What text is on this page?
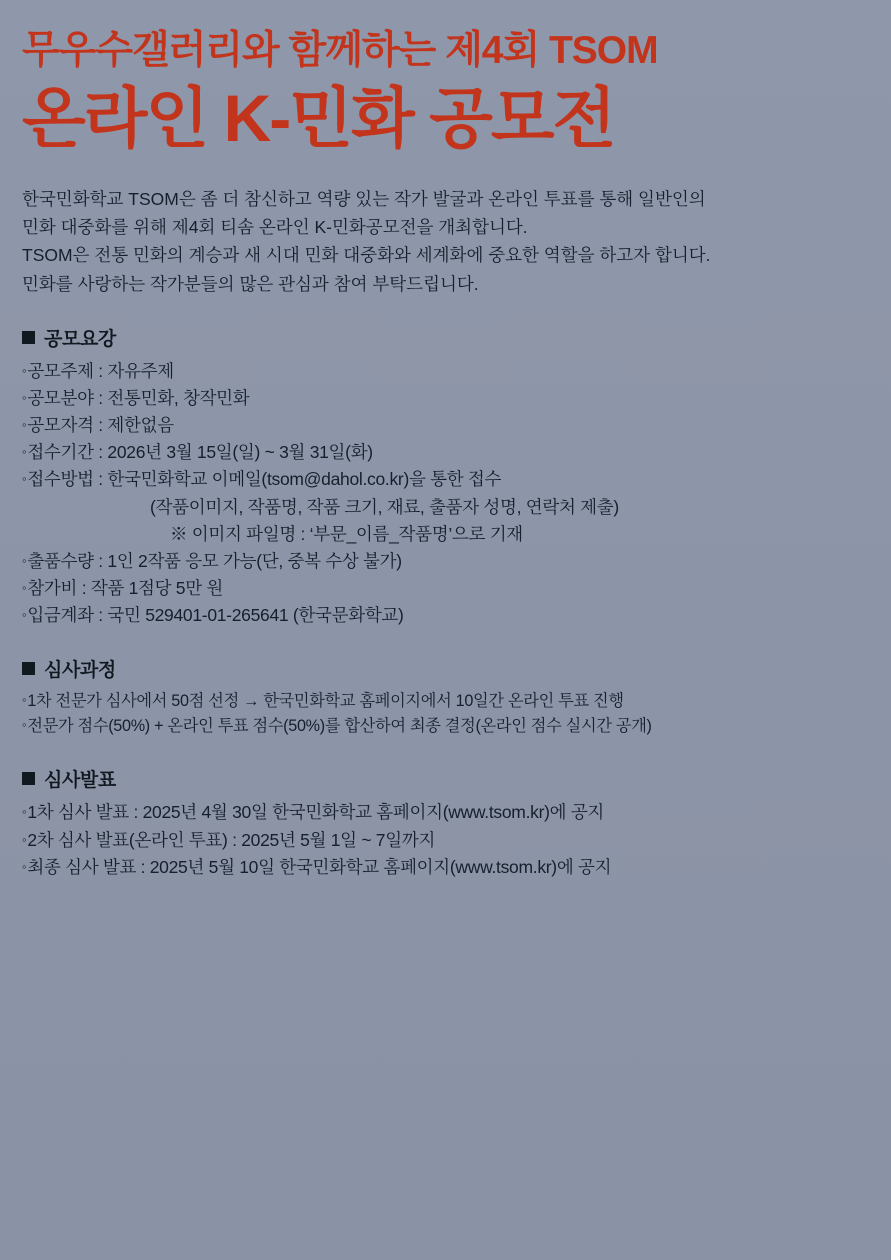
무우수갤러리와 함께하는 제4회 TSOM
온라인 K-민화 공모전

한국민화학교 TSOM은 좀 더 참신하고 역량 있는 작가 발굴과 온라인 투표를 통해 일반인의

민화 대중화를 위해 제4회 티솜 온라인 K-민화공모전을 개최합니다.

TSOM은 전통 민화의 계승과 새 시대 민화 대중화와 세계화에 중요한 역할을 하고자 합니다.

민화를 사랑하는 작가분들의 많은 관심과 참여 부탁드립니다.

공모요강
◦공모주제 : 자유주제
◦공모분야 : 전통민화, 창작민화
◦공모자격 : 제한없음
◦접수기간 : 2026년 3월 15일(일) ~ 3월 31일(화)
◦접수방법 : 한국민화학교 이메일(tsom@dahol.co.kr)을 통한 접수
(작품이미지, 작품명, 작품 크기, 재료, 출품자 성명, 연락처 제출)
※ 이미지 파일명 : ‘부문_이름_작품명’으로 기재
◦출품수량 : 1인 2작품 응모 가능(단, 중복 수상 불가)
◦참가비 : 작품 1점당 5만 원
◦입금계좌 : 국민 529401-01-265641 (한국문화학교)
심사과정
◦1차 전문가 심사에서 50점 선정 → 한국민화학교 홈페이지에서 10일간 온라인 투표 진행
◦전문가 점수(50%) + 온라인 투표 점수(50%)를 합산하여 최종 결정(온라인 점수 실시간 공개)
심사발표
◦1차 심사 발표 : 2025년 4월 30일 한국민화학교 홈페이지(www.tsom.kr)에 공지
◦2차 심사 발표(온라인 투표) : 2025년 5월 1일 ~ 7일까지
◦최종 심사 발표 : 2025년 5월 10일 한국민화학교 홈페이지(www.tsom.kr)에 공지
